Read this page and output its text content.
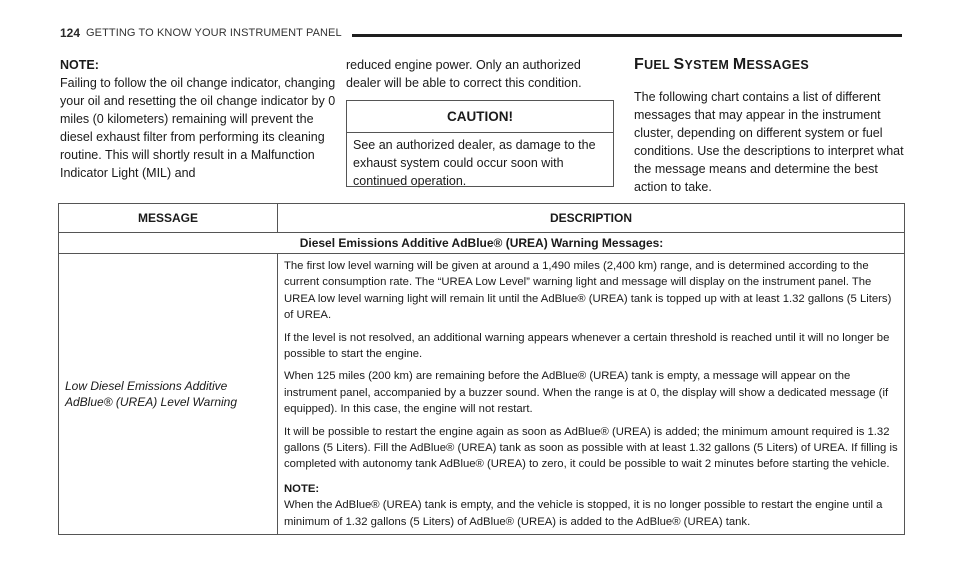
124 GETTING TO KNOW YOUR INSTRUMENT PANEL
NOTE:

Failing to follow the oil change indicator, changing your oil and resetting the oil change indicator by 0 miles (0 kilometers) remaining will prevent the diesel exhaust filter from performing its cleaning routine. This will shortly result in a Malfunction Indicator Light (MIL) and

reduced engine power. Only an authorized dealer will be able to correct this condition.

CAUTION!
See an authorized dealer, as damage to the exhaust system could occur soon with continued operation.
FUEL SYSTEM MESSAGES

The following chart contains a list of different messages that may appear in the instrument cluster, depending on different system or fuel conditions. Use the descriptions to interpret what the message means and determine the best action to take.

MESSAGE	DESCRIPTION
Diesel Emissions Additive AdBlue® (UREA) Warning Messages:
Low Diesel Emissions Additive AdBlue® (UREA) Level Warning

The first low level warning will be given at around a 1,490 miles (2,400 km) range, and is determined according to the current consumption rate. The “UREA Low Level” warning light and message will display on the instrument panel. The UREA low level warning light will remain lit until the AdBlue® (UREA) tank is topped up with at least 1.32 gallons (5 Liters) of UREA.

If the level is not resolved, an additional warning appears whenever a certain threshold is reached until it will no longer be possible to start the engine.

When 125 miles (200 km) are remaining before the AdBlue® (UREA) tank is empty, a message will appear on the instrument panel, accompanied by a buzzer sound. When the range is at 0, the display will show a dedicated message (if equipped). In this case, the engine will not restart.

It will be possible to restart the engine again as soon as AdBlue® (UREA) is added; the minimum amount required is 1.32 gallons (5 Liters). Fill the AdBlue® (UREA) tank as soon as possible with at least 1.32 gallons (5 Liters) of UREA. If filling is completed with autonomy tank AdBlue® (UREA) to zero, it could be possible to wait 2 minutes before starting the vehicle.

NOTE:

When the AdBlue® (UREA) tank is empty, and the vehicle is stopped, it is no longer possible to restart the engine until a minimum of 1.32 gallons (5 Liters) of AdBlue® (UREA) is added to the AdBlue® (UREA) tank.
